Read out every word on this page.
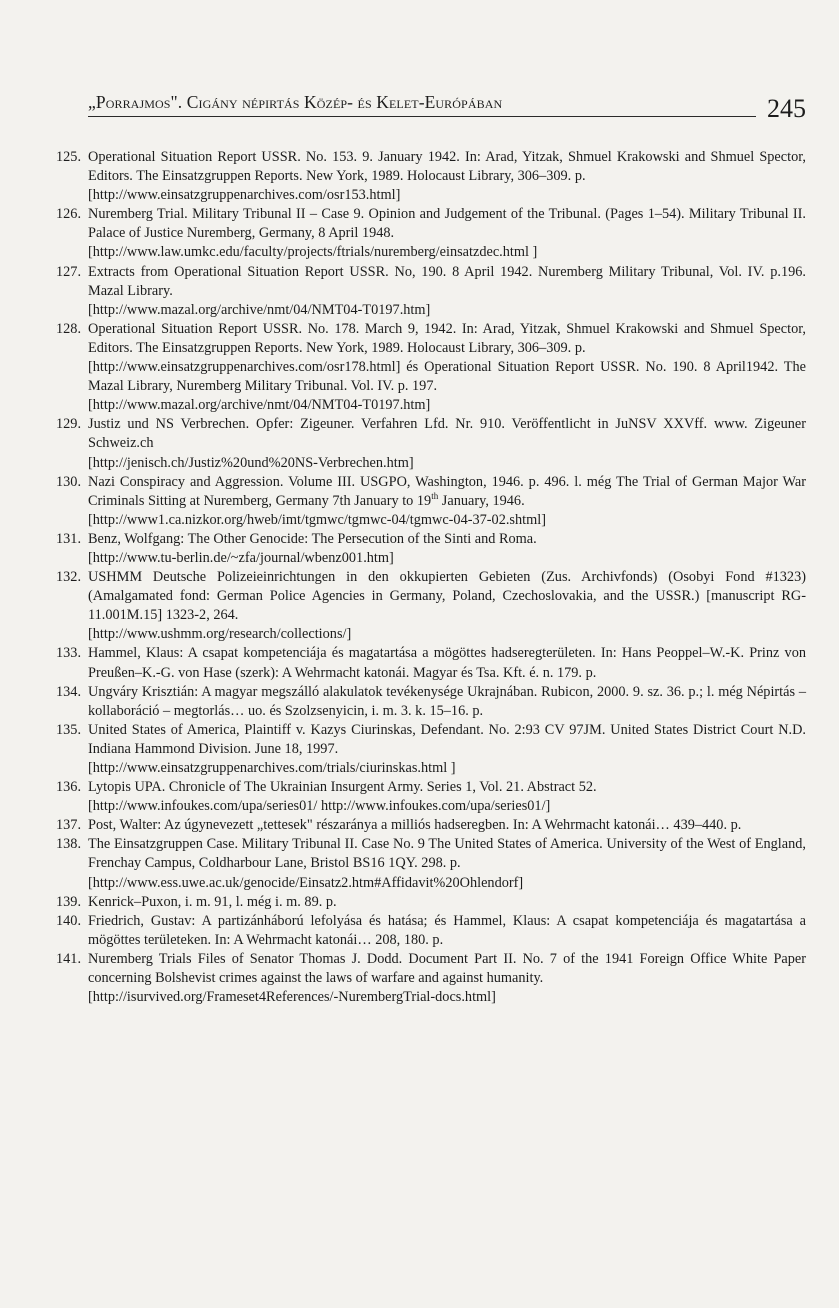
„Porrajmos". Cigány népirtás Közép- és Kelet-Európában	245
125. Operational Situation Report USSR. No. 153. 9. January 1942. In: Arad, Yitzak, Shmuel Krakowski and Shmuel Spector, Editors. The Einsatzgruppen Reports. New York, 1989. Holocaust Library, 306–309. p.
[http://www.einsatzgruppenarchives.com/osr153.html]
126. Nuremberg Trial. Military Tribunal II – Case 9. Opinion and Judgement of the Tribunal. (Pages 1–54). Military Tribunal II. Palace of Justice Nuremberg, Germany, 8 April 1948.
[http://www.law.umkc.edu/faculty/projects/ftrials/nuremberg/einsatzdec.html ]
127. Extracts from Operational Situation Report USSR. No, 190. 8 April 1942. Nuremberg Military Tribunal, Vol. IV. p.196. Mazal Library.
[http://www.mazal.org/archive/nmt/04/NMT04-T0197.htm]
128. Operational Situation Report USSR. No. 178. March 9, 1942. In: Arad, Yitzak, Shmuel Krakowski and Shmuel Spector, Editors. The Einsatzgruppen Reports. New York, 1989. Holocaust Library, 306–309. p.
[http://www.einsatzgruppenarchives.com/osr178.html] és Operational Situation Report USSR. No. 190. 8 April1942. The Mazal Library, Nuremberg Military Tribunal. Vol. IV. p. 197.
[http://www.mazal.org/archive/nmt/04/NMT04-T0197.htm]
129. Justiz und NS Verbrechen. Opfer: Zigeuner. Verfahren Lfd. Nr. 910. Veröffentlicht in JuNSV XXVff. www. Zigeuner Schweiz.ch
[http://jenisch.ch/Justiz%20und%20NS-Verbrechen.htm]
130. Nazi Conspiracy and Aggression. Volume III. USGPO, Washington, 1946. p. 496. l. még The Trial of German Major War Criminals Sitting at Nuremberg, Germany 7th January to 19th January, 1946.
[http://www1.ca.nizkor.org/hweb/imt/tgmwc/tgmwc-04/tgmwc-04-37-02.shtml]
131. Benz, Wolfgang: The Other Genocide: The Persecution of the Sinti and Roma.
[http://www.tu-berlin.de/~zfa/journal/wbenz001.htm]
132. USHMM Deutsche Polizeieinrichtungen in den okkupierten Gebieten (Zus. Archivfonds) (Osobyi Fond #1323) (Amalgamated fond: German Police Agencies in Germany, Poland, Czechoslovakia, and the USSR.) [manuscript RG-11.001M.15] 1323-2, 264.
[http://www.ushmm.org/research/collections/]
133. Hammel, Klaus: A csapat kompetenciája és magatartása a mögöttes hadseregterületen. In: Hans Peoppel–W.-K. Prinz von Preußen–K.-G. von Hase (szerk): A Wehrmacht katonái. Magyar és Tsa. Kft. é. n. 179. p.
134. Ungváry Krisztián: A magyar megszálló alakulatok tevékenysége Ukrajnában. Rubicon, 2000. 9. sz. 36. p.; l. még Népirtás – kollaboráció – megtorlás… uo. és Szolzsenyicin, i. m. 3. k. 15–16. p.
135. United States of America, Plaintiff v. Kazys Ciurinskas, Defendant. No. 2:93 CV 97JM. United States District Court N.D. Indiana Hammond Division. June 18, 1997.
[http://www.einsatzgruppenarchives.com/trials/ciurinskas.html ]
136. Lytopis UPA. Chronicle of The Ukrainian Insurgent Army. Series 1, Vol. 21. Abstract 52.
[http://www.infoukes.com/upa/series01/ http://www.infoukes.com/upa/series01/]
137. Post, Walter: Az úgynevezett „tettesek" részaránya a milliós hadseregben. In: A Wehrmacht katonái… 439–440. p.
138. The Einsatzgruppen Case. Military Tribunal II. Case No. 9 The United States of America. University of the West of England, Frenchay Campus, Coldharbour Lane, Bristol BS16 1QY. 298. p.
[http://www.ess.uwe.ac.uk/genocide/Einsatz2.htm#Affidavit%20Ohlendorf]
139. Kenrick–Puxon, i. m. 91, l. még i. m. 89. p.
140. Friedrich, Gustav: A partizánháború lefolyása és hatása; és Hammel, Klaus: A csapat kompetenciája és magatartása a mögöttes területeken. In: A Wehrmacht katonái… 208, 180. p.
141. Nuremberg Trials Files of Senator Thomas J. Dodd. Document Part II. No. 7 of the 1941 Foreign Office White Paper concerning Bolshevist crimes against the laws of warfare and against humanity.
[http://isurvived.org/Frameset4References/-NurembergTrial-docs.html]
